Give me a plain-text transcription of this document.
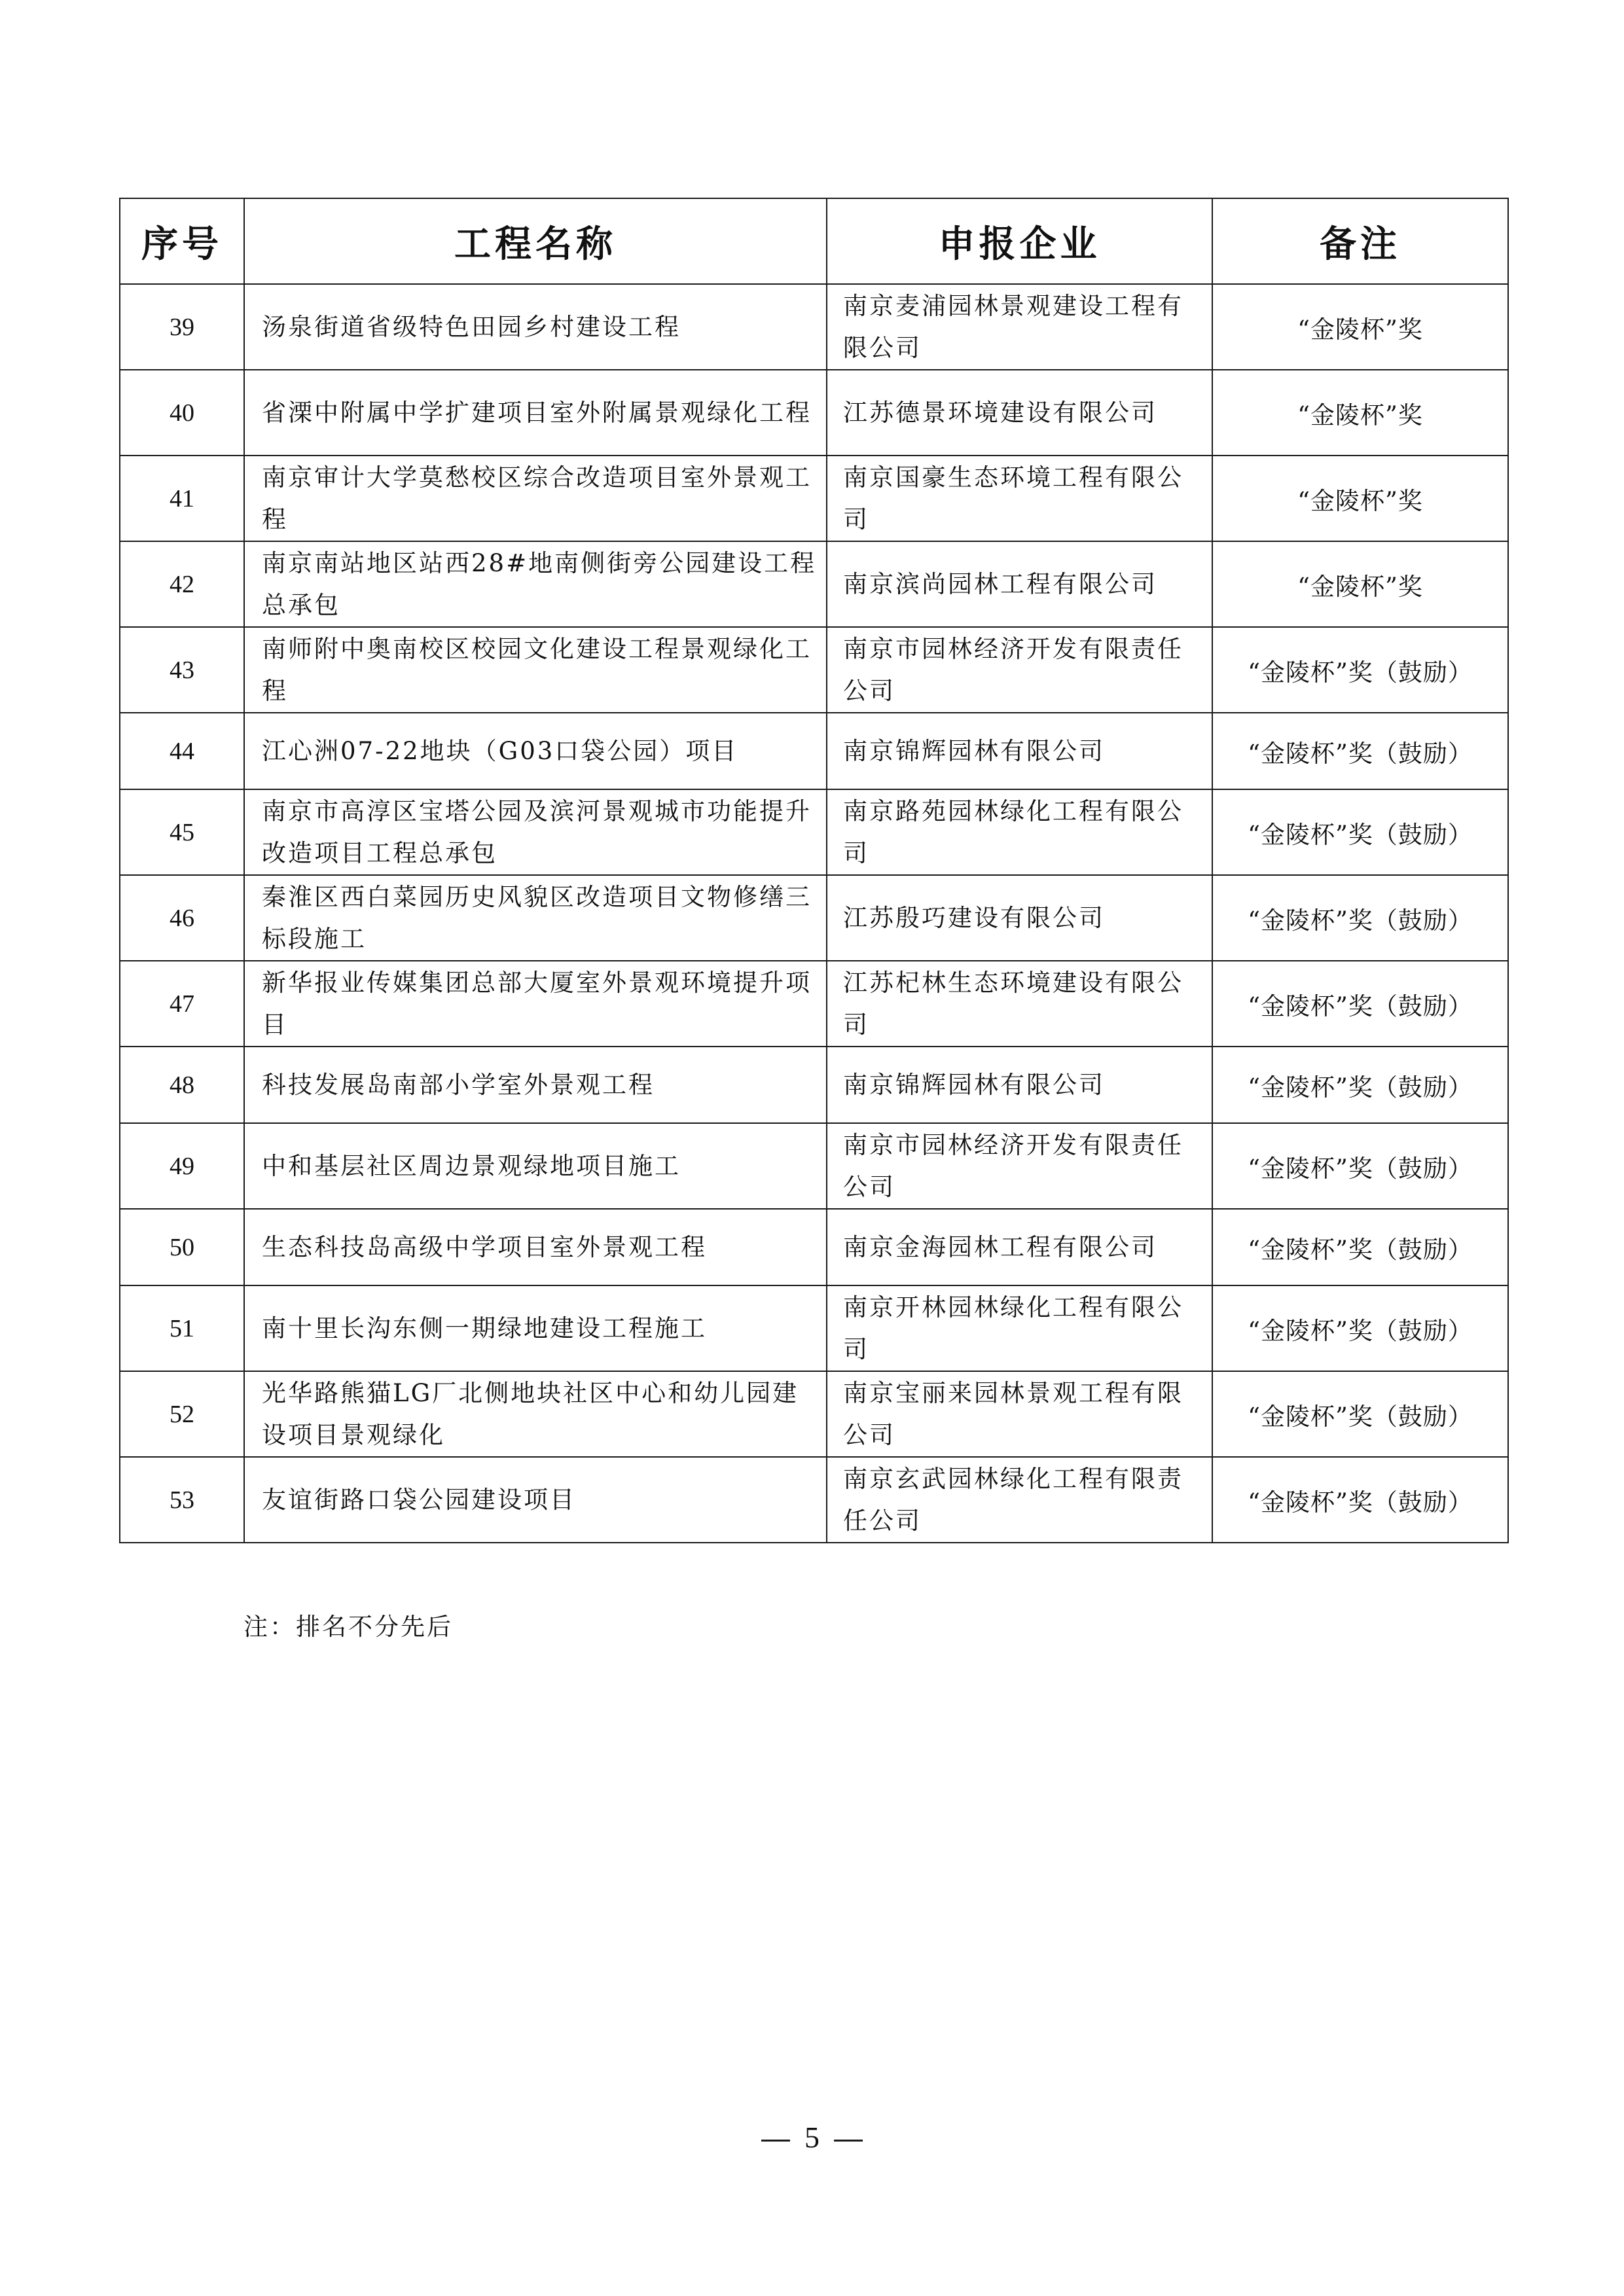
序号	工程名称	申报企业	备注
39	汤泉街道省级特色田园乡村建设工程	南京麦浦园林景观建设工程有限公司	“金陵杯”奖
40	省溧中附属中学扩建项目室外附属景观绿化工程	江苏德景环境建设有限公司	“金陵杯”奖
41	南京审计大学莫愁校区综合改造项目室外景观工程	南京国豪生态环境工程有限公司	“金陵杯”奖
42	南京南站地区站西28#地南侧街旁公园建设工程总承包	南京滨尚园林工程有限公司	“金陵杯”奖
43	南师附中奥南校区校园文化建设工程景观绿化工程	南京市园林经济开发有限责任公司	“金陵杯”奖（鼓励）
44	江心洲07-22地块（G03口袋公园）项目	南京锦辉园林有限公司	“金陵杯”奖（鼓励）
45	南京市高淳区宝塔公园及滨河景观城市功能提升改造项目工程总承包	南京路苑园林绿化工程有限公司	“金陵杯”奖（鼓励）
46	秦淮区西白菜园历史风貌区改造项目文物修缮三标段施工	江苏殷巧建设有限公司	“金陵杯”奖（鼓励）
47	新华报业传媒集团总部大厦室外景观环境提升项目	江苏杞林生态环境建设有限公司	“金陵杯”奖（鼓励）
48	科技发展岛南部小学室外景观工程	南京锦辉园林有限公司	“金陵杯”奖（鼓励）
49	中和基层社区周边景观绿地项目施工	南京市园林经济开发有限责任公司	“金陵杯”奖（鼓励）
50	生态科技岛高级中学项目室外景观工程	南京金海园林工程有限公司	“金陵杯”奖（鼓励）
51	南十里长沟东侧一期绿地建设工程施工	南京开林园林绿化工程有限公司	“金陵杯”奖（鼓励）
52	光华路熊猫LG厂北侧地块社区中心和幼儿园建设项目景观绿化	南京宝丽来园林景观工程有限公司	“金陵杯”奖（鼓励）
53	友谊街路口袋公园建设项目	南京玄武园林绿化工程有限责任公司	“金陵杯”奖（鼓励）
注：排名不分先后
5
